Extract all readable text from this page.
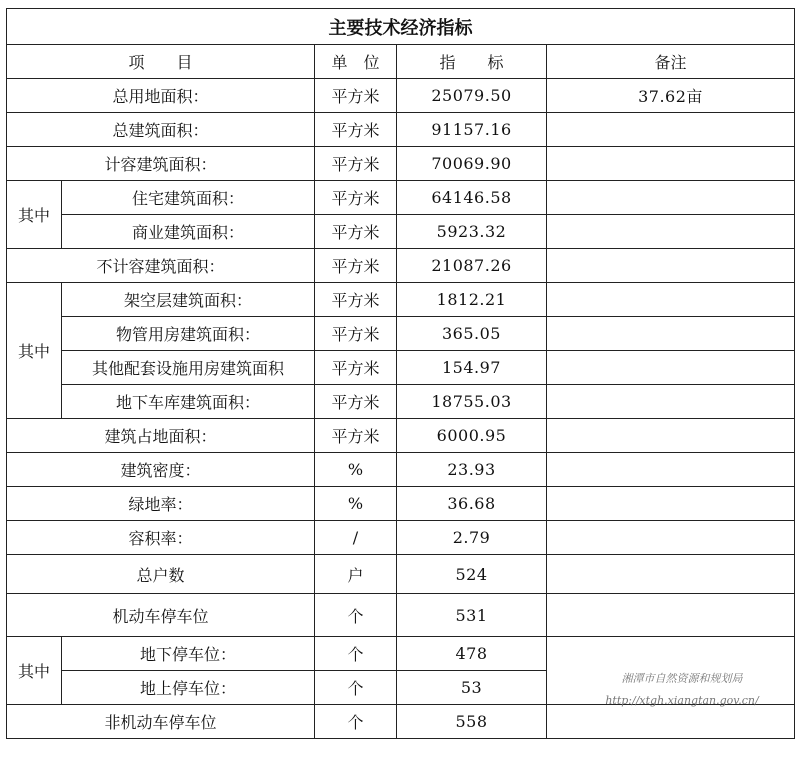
主要技术经济指标				
项　　目		单　位	指　　标	备注
总用地面积：		平方米	25079.50	37.62亩
总建筑面积：		平方米	91157.16	
计容建筑面积：		平方米	70069.90	
其中	住宅建筑面积：	平方米	64146.58	
	商业建筑面积：	平方米	5923.32	
不计容建筑面积：		平方米	21087.26	
其中	架空层建筑面积：	平方米	1812.21	
	物管用房建筑面积：	平方米	365.05	
	其他配套设施用房建筑面积	平方米	154.97	
	地下车库建筑面积：	平方米	18755.03	
建筑占地面积：		平方米	6000.95	
建筑密度：		%	23.93	
绿地率：		%	36.68	
容积率：		/	2.79	
总户数		户	524	
机动车停车位		个	531	
其中	地下停车位：	个	478	
	地上停车位：	个	53	
非机动车停车位		个	558	
湘潭市自然资源和规划局
http://xtgh.xiangtan.gov.cn/
